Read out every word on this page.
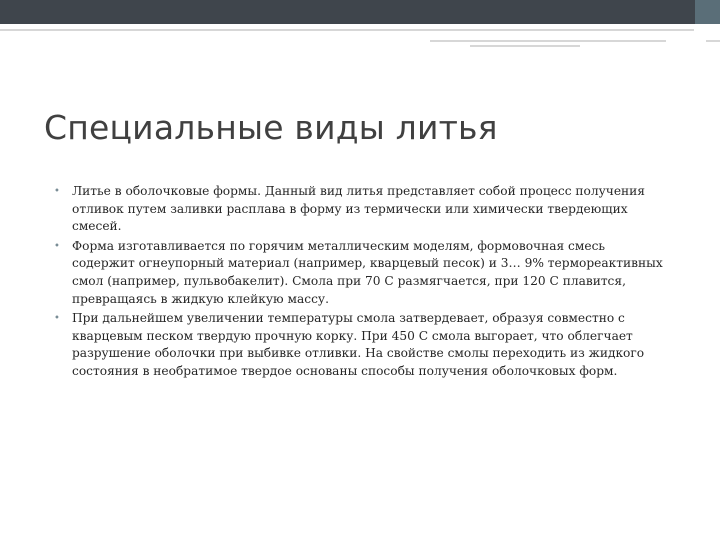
Специальные виды литья
• Литье в оболочковые формы. Данный вид литья представляет собой процесс получения отливок путем заливки расплава в форму из термически или химически твердеющих смесей.
• Форма изготавливается по горячим металлическим моделям, формовочная смесь содержит огнеупорный материал (например, кварцевый песок) и 3… 9% термореактивных смол (например, пульвобакелит). Смола при 70 С размягчается, при 120 С плавится, превращаясь в жидкую клейкую массу.
• При дальнейшем увеличении температуры смола затвердевает, образуя совместно с кварцевым песком твердую прочную корку. При 450 С смола выгорает, что облегчает разрушение оболочки при выбивке отливки. На свойстве смолы переходить из жидкого состояния в необратимое твердое основаны способы получения оболочковых форм.
